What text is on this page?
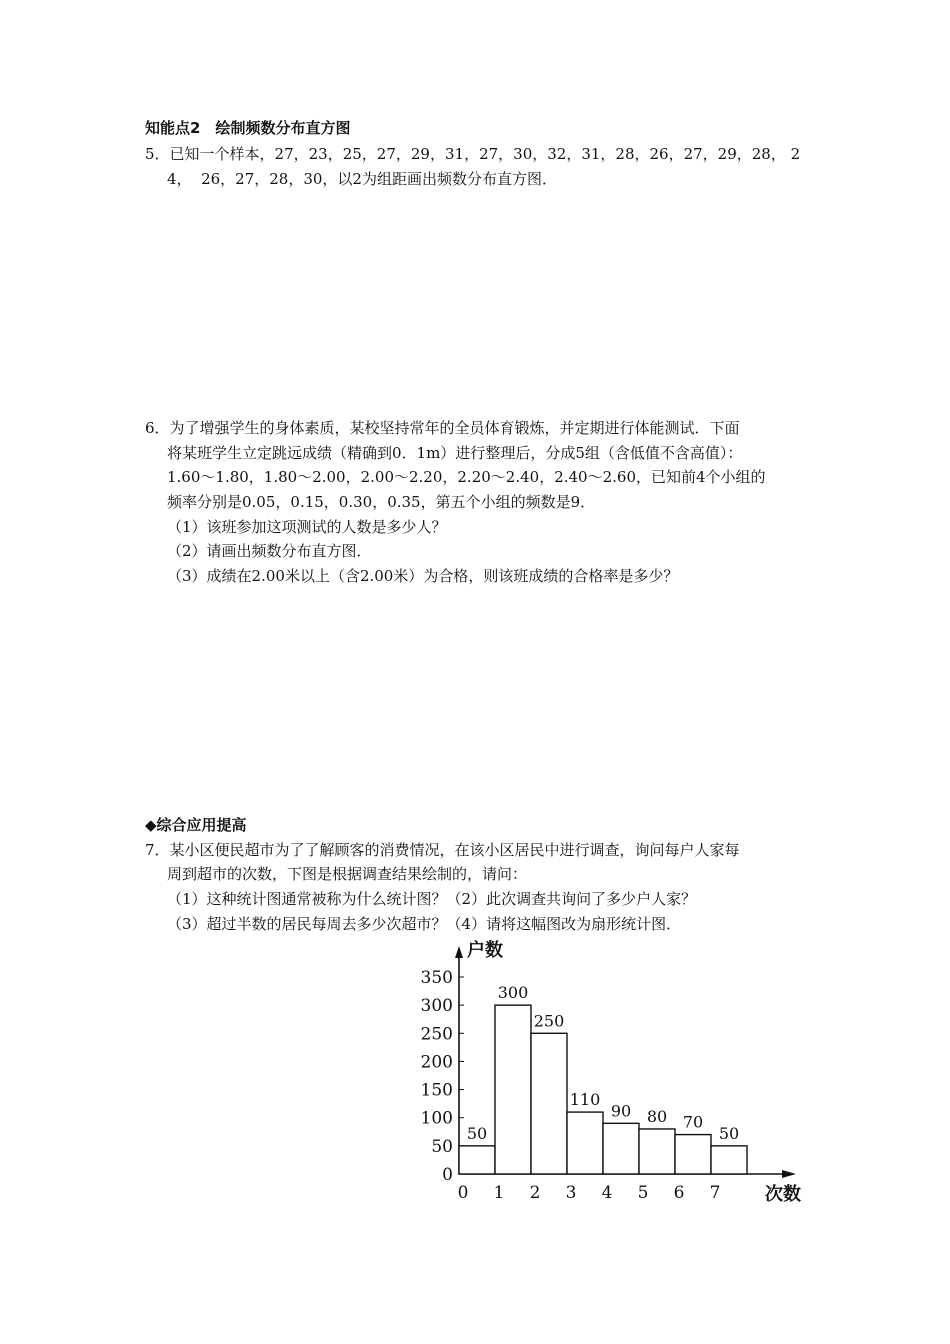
知能点2　绘制频数分布直方图
5．已知一个样本，27，23，25，27，29，31，27，30，32，31，28，26，27，29，28， 2
4，  26，27，28，30，以2为组距画出频数分布直方图．
6．为了增强学生的身体素质，某校坚持常年的全员体育锻炼，并定期进行体能测试．下面
将某班学生立定跳远成绩（精确到0．1m）进行整理后，分成5组（含低值不含高值）：
1.60～1.80，1.80～2.00，2.00～2.20，2.20～2.40，2.40～2.60，已知前4个小组的
频率分别是0.05，0.15，0.30，0.35，第五个小组的频数是9．
（1）该班参加这项测试的人数是多少人？
（2）请画出频数分布直方图．
（3）成绩在2.00米以上（含2.00米）为合格，则该班成绩的合格率是多少？
◆综合应用提高
7．某小区便民超市为了了解顾客的消费情况，在该小区居民中进行调查，询问每户人家每
周到超市的次数，下图是根据调查结果绘制的，请问：
（1）这种统计图通常被称为什么统计图？（2）此次调查共询问了多少户人家？
（3）超过半数的居民每周去多少次超市？（4）请将这幅图改为扇形统计图．
0
50
100
150
200
250
300
350
户数
次数
50
0
300
1
250
2
110
3
90
4
80
5
70
6
50
7
